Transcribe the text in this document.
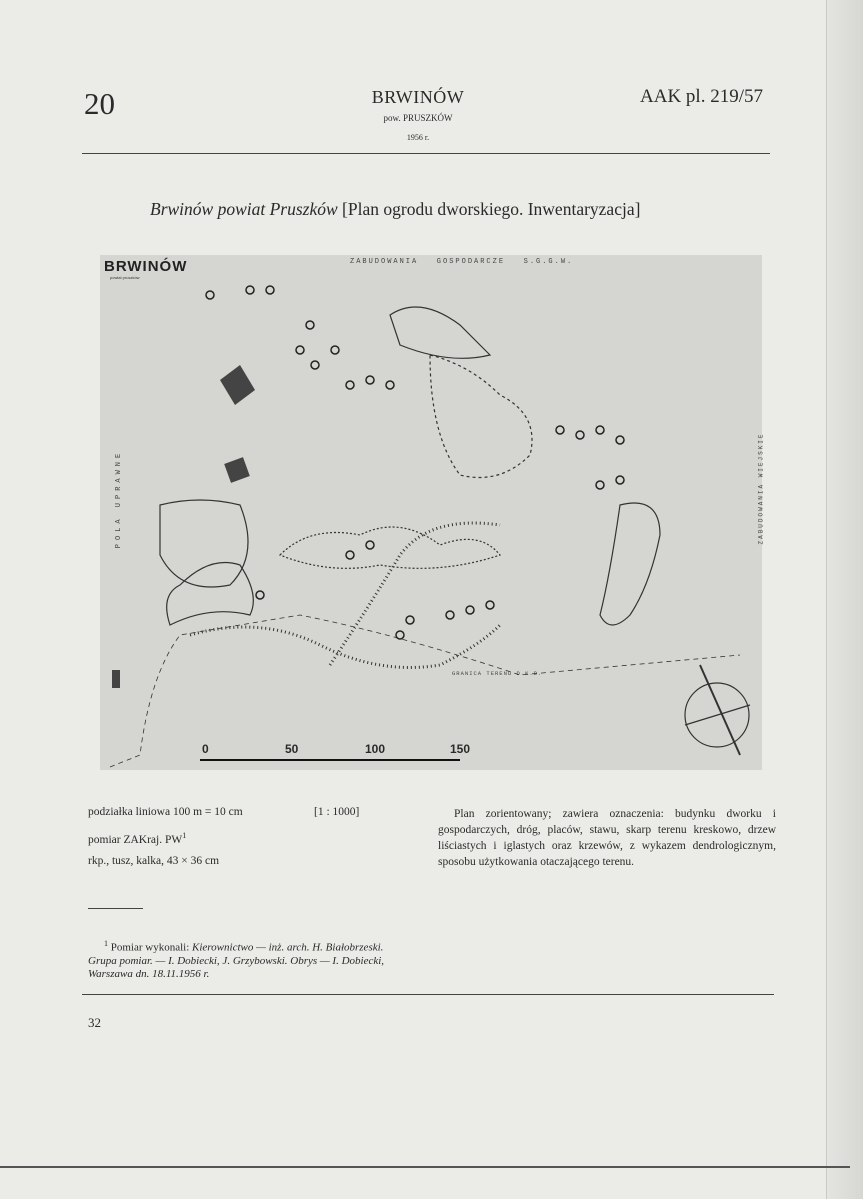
20	BRWINÓW
pow. PRUSZKÓW
1956 r.
AAK pl. 219/57
Brwinów powiat Pruszków [Plan ogrodu dworskiego. Inwentaryzacja]
BRWINÓW
powiat pruszków
ZABUDOWANIA   GOSPODARCZE   S.G.G.W.
POLA UPRAWNE	ZABUDOWANIA WIEJSKIE
GRANICA TERENU D.K.D.
0	50	100	150
podziałka liniowa 100 m = 10 cm	[1 : 1000]
pomiar ZAKraj. $PW^1$
rkp., tusz, kalka, 43 × 36 cm
Plan zorientowany; zawiera oznaczenia: budynku dworku i gospodarczych, dróg, placów, stawu, skarp terenu kreskowo, drzew liściastych i iglastych oraz krzewów, z wykazem dendrologicznym, sposobu użytkowania otaczającego terenu.
$^1$ Pomiar wykonali: Kierownictwo — inż. arch. H. Białobrzeski. Grupa pomiar. — I. Dobiecki, J. Grzybowski. Obrys — I. Dobiecki, Warszawa dn. 18.11.1956 r.
32
